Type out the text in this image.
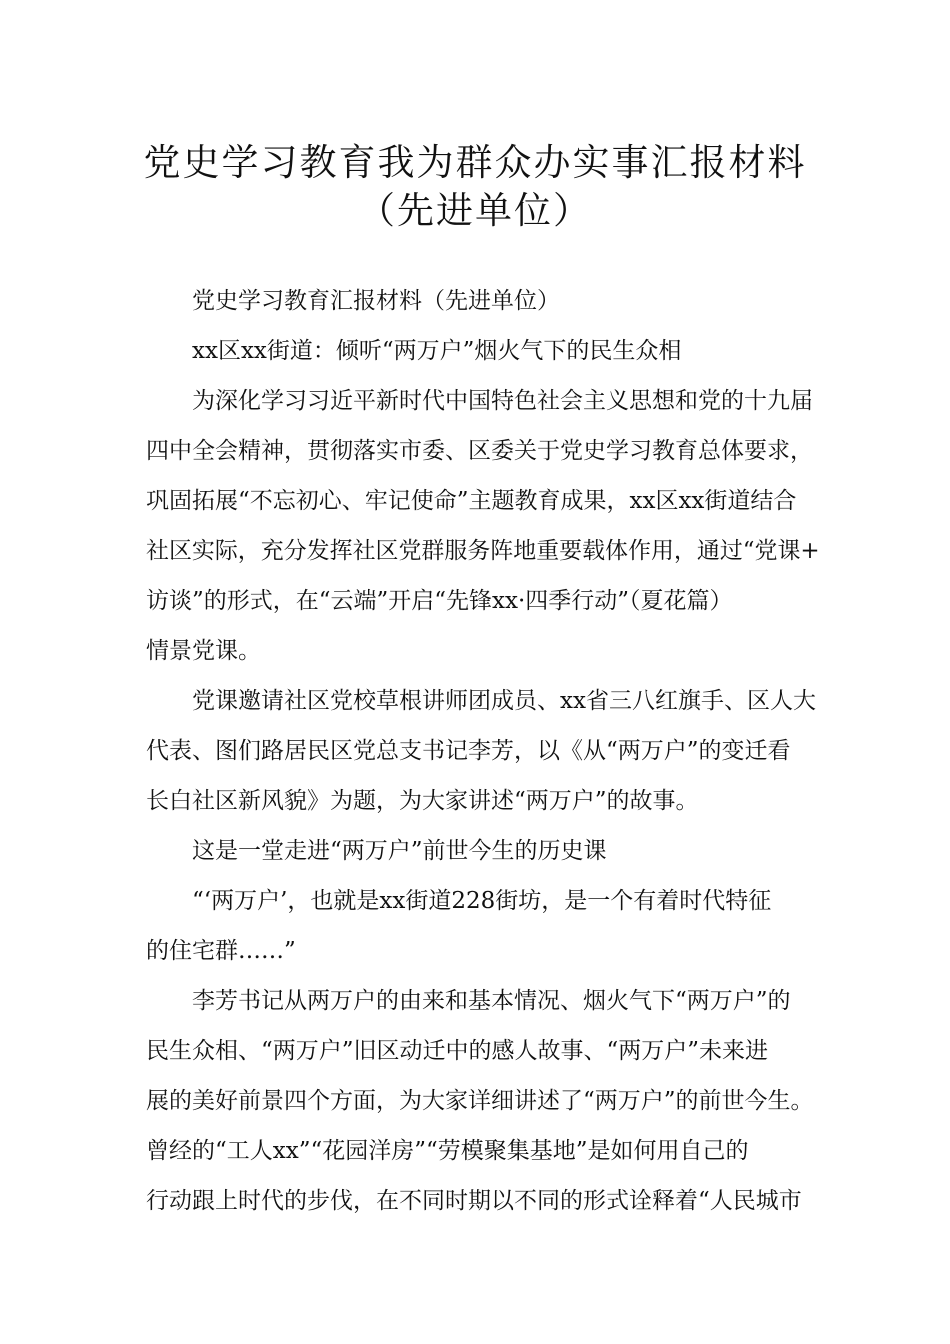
党史学习教育我为群众办实事汇报材料
（先进单位）
党史学习教育汇报材料（先进单位）
xx区xx街道：倾听“两万户”烟火气下的民生众相
为深化学习习近平新时代中国特色社会主义思想和党的十九届
四中全会精神，贯彻落实市委、区委关于党史学习教育总体要求，
巩固拓展“不忘初心、牢记使命”主题教育成果，xx区xx街道结合
社区实际，充分发挥社区党群服务阵地重要载体作用，通过“党课+
访谈”的形式，在“云端”开启“先锋xx·四季行动”（夏花篇）
情景党课。
党课邀请社区党校草根讲师团成员、xx省三八红旗手、区人大
代表、图们路居民区党总支书记李芳，以《从“两万户”的变迁看
长白社区新风貌》为题，为大家讲述“两万户”的故事。
这是一堂走进“两万户”前世今生的历史课
“‘两万户’，也就是xx街道228街坊，是一个有着时代特征
的住宅群……”
李芳书记从两万户的由来和基本情况、烟火气下“两万户”的
民生众相、“两万户”旧区动迁中的感人故事、“两万户”未来进
展的美好前景四个方面，为大家详细讲述了“两万户”的前世今生。
曾经的“工人xx”“花园洋房”“劳模聚集基地”是如何用自己的
行动跟上时代的步伐，在不同时期以不同的形式诠释着“人民城市
